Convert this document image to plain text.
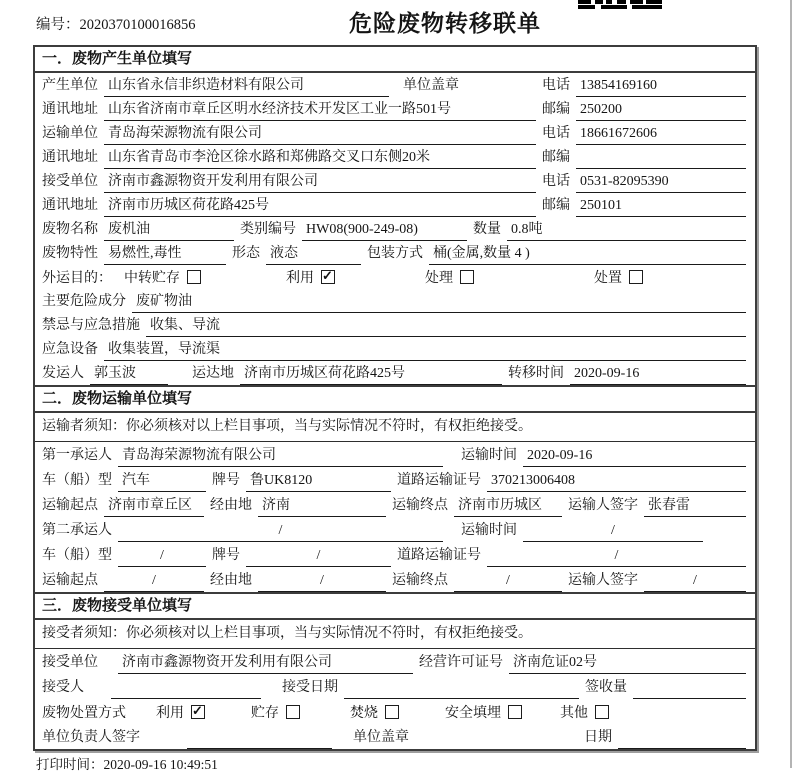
编号：2020370100016856	危险废物转移联单
一．废物产生单位填写
产生单位 山东省永信非织造材料有限公司	单位盖章	电话 13854169160
通讯地址 山东省济南市章丘区明水经济技术开发区工业一路501号	邮编 250200
运输单位 青岛海荣源物流有限公司	电话 18661672606
通讯地址 山东省青岛市李沧区徐水路和郑佛路交叉口东侧20米	邮编
接受单位 济南市鑫源物资开发利用有限公司	电话 0531-82095390
通讯地址 济南市历城区荷花路425号	邮编 250101
废物名称 废机油	类别编号 HW08(900-249-08)	数量 0.8吨
废物特性 易燃性,毒性	形态 液态	包装方式 桶(金属,数量 4 )
外运目的： 中转贮存	利用 ✓	处理	处置
主要危险成分 废矿物油
禁忌与应急措施 收集、导流
应急设备 收集装置，导流渠
发运人 郭玉波	运达地 济南市历城区荷花路425号	转移时间 2020-09-16
二．废物运输单位填写
运输者须知：你必须核对以上栏目事项，当与实际情况不符时，有权拒绝接受。
第一承运人 青岛海荣源物流有限公司	运输时间 2020-09-16
车（船）型 汽车	牌号 鲁UK8120	道路运输证号 370213006408
运输起点 济南市章丘区	经由地 济南	运输终点 济南市历城区	运输人签字 张春雷
第二承运人	/	运输时间	/
车（船）型	/	牌号	/	道路运输证号	/
运输起点	/	经由地	/	运输终点	/	运输人签字	/
三．废物接受单位填写
接受者须知：你必须核对以上栏目事项，当与实际情况不符时，有权拒绝接受。
接受单位 济南市鑫源物资开发利用有限公司	经营许可证号 济南危证02号
接受人	接受日期	签收量
废物处置方式 利用 ✓	贮存	焚烧	安全填埋	其他
单位负责人签字	单位盖章	日期
打印时间：2020-09-16 10:49:51
